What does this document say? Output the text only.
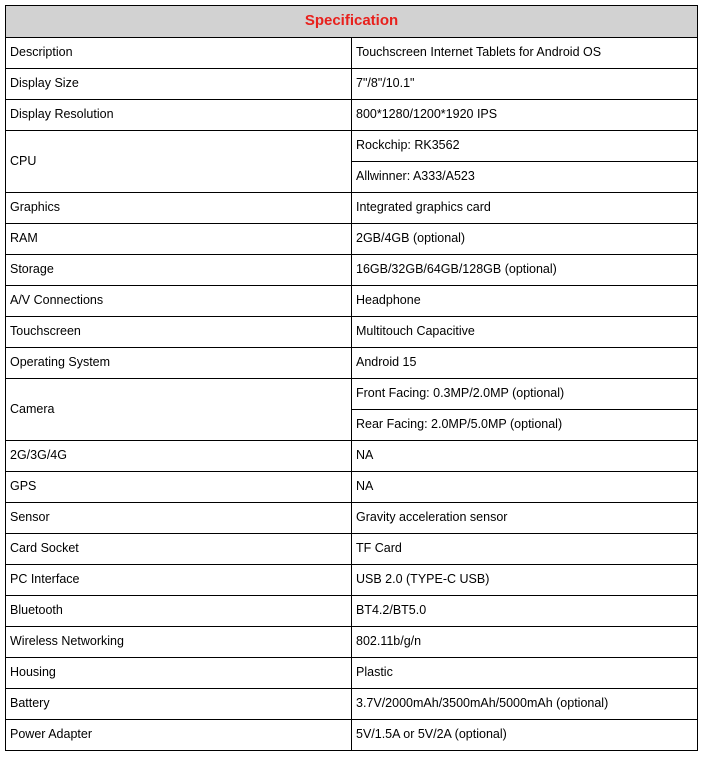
Specification	
Description	Touchscreen Internet Tablets for Android OS
Display Size	7"/8"/10.1"
Display Resolution	800*1280/1200*1920 IPS
CPU	Rockchip: RK3562
	Allwinner: A333/A523
Graphics	Integrated graphics card
RAM	2GB/4GB (optional)
Storage	16GB/32GB/64GB/128GB (optional)
A/V Connections	Headphone
Touchscreen	Multitouch Capacitive
Operating System	Android 15
Camera	Front Facing: 0.3MP/2.0MP (optional)
	Rear Facing: 2.0MP/5.0MP (optional)
2G/3G/4G	NA
GPS	NA
Sensor	Gravity acceleration sensor
Card Socket	TF Card
PC Interface	USB 2.0 (TYPE-C USB)
Bluetooth	BT4.2/BT5.0
Wireless Networking	802.11b/g/n
Housing	Plastic
Battery	3.7V/2000mAh/3500mAh/5000mAh (optional)
Power Adapter	5V/1.5A or 5V/2A (optional)
